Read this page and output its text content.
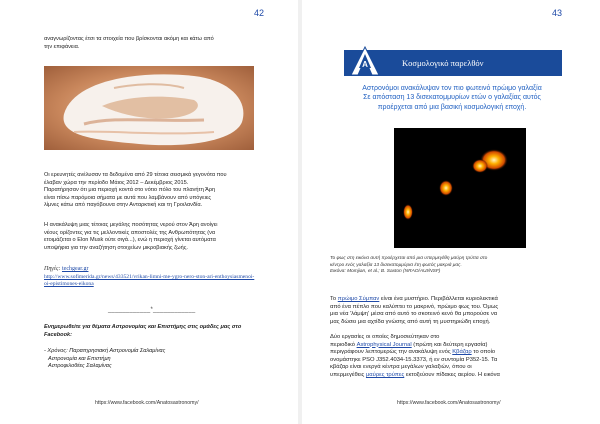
42
αναγνωρίζοντας έτσι τα στοιχεία που βρίσκονται ακόμη και κάτω από
την επιφάνεια.
Οι ερευνητές ανέλυσαν τα δεδομένα από 29 τέτοια σεισμικά γεγονότα που
έλαβαν χώρα την περίοδο Μάιος 2012 – Δεκέμβριος 2015.
Παρατήρησαν ότι μια περιοχή κοντά στο νότιο πόλο του πλανήτη Άρη
είναι πίσω παρόμοια σήματα με αυτά που λαμβάνουν από υπόγειες
λίμνες κάτω από παγόβουνα στην Ανταρκτική και τη Γροιλανδία.
Η ανακάλυψη μιας τέτοιας μεγάλης ποσότητας νερού στον Άρη ανοίγει
νέους ορίζοντες για τις μελλοντικές αποστολές της Ανθρωπότητας (να
ετοιμάζεται ο Elon Musk ούτε σιγά...), ενώ η περιοχή γίνεται αυτόματα
υποψήφια για την αναζήτηση στοιχείων μικροβιακής ζωής.
Πηγές: techgear.gr
http://www.sofimerida.gr/news/433521/vrikan-limni-me-ygro-nero-ston-ari-enthoysiasmenoi-oi-epistimones-eikona
____________*____________
Ενημερωθείτε για θέματα Αστρονομίας και Επιστήμης στις ομάδες μας στο
Facebook:
- Χρόνος: Παρατηρησιακή Αστρονομία Σαλαμίνας
Αστρονομία και Επιστήμη
Αστροφιλοθέες Σαλαμίνας
https://www.facebook.com/Anatosastronomy/
43
A	Κοσμολογικό παρελθόν
Αστρονόμοι ανακάλυψαν τον πιο φωτεινό πρώιμο γαλαξία
Σε απόσταση 13 δισεκατομμυρίων ετών ο γαλαξίας αυτός
προέρχεται από μια βασική κοσμολογική εποχή.
Το φως στη εικόνα αυτή προέρχεται από μια υπερμεγέθη μαύρη τρύπα στο
κέντρο ενός γαλαξία 13 δισεκατομμύρια έτη φωτός μακριά μας.
Εικόνα: Momjian, et al.; B. Saxton (NRAO/AUI/NSF)
Το πρώιμο Σύμπαν είναι ένα μυστήριο. Περιβάλλεται κυριολεκτικά
από ένα πέπλο που καλύπτει το μακρινό, πρώιμο φως του. Όμως
μια νέα 'λάμψη' μέσα από αυτό το σκοτεινό κενό θα μπορούσε να
μας δώσει μια αχτίδα γνώσης από αυτή τη μυστηριώδη εποχή.
Δύο εργασίες οι οποίες δημοσιεύτηκαν στο
περιοδικό Astrophysical Journal (πρώτη και δεύτερη εργασία)
περιγράφουν λεπτομερώς την ανακάλυψη ενός Κβάζαρ το οποίο
ονομάστηκε PSO J352.4034-15.3373, ή εν συντομία P352-15. Τα
κβάζαρ είναι ενεργά κέντρα μεγάλων γαλαξιών, όπου οι
υπερμεγέθεις μαύρες τρύπες εκτοξεύουν πίδακες αερίου. Η εικόνα
https://www.facebook.com/Anatosastronomy/
